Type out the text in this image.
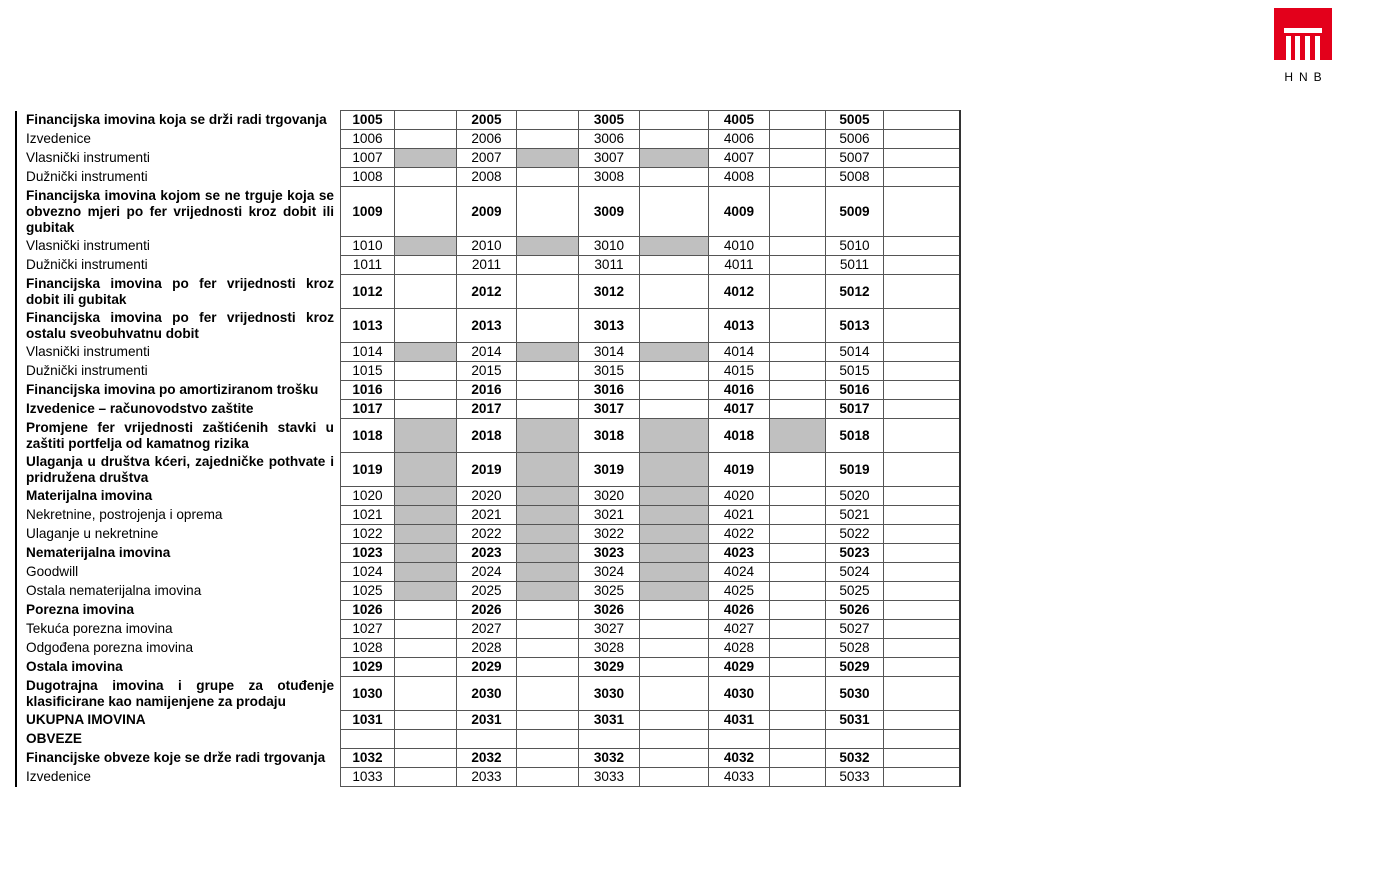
HNB
Financijska imovina koja se drži radi trgovanja	1005		2005		3005		4005		5005	
Izvedenice	1006		2006		3006		4006		5006	
Vlasnički instrumenti	1007		2007		3007		4007		5007	
Dužnički instrumenti	1008		2008		3008		4008		5008	
Financijska imovina kojom se ne trguje koja se obvezno mjeri po fer vrijednosti kroz dobit ili gubitak	1009		2009		3009		4009		5009	
Vlasnički instrumenti	1010		2010		3010		4010		5010	
Dužnički instrumenti	1011		2011		3011		4011		5011	
Financijska imovina po fer vrijednosti kroz dobit ili gubitak	1012		2012		3012		4012		5012	
Financijska imovina po fer vrijednosti kroz ostalu sveobuhvatnu dobit	1013		2013		3013		4013		5013	
Vlasnički instrumenti	1014		2014		3014		4014		5014	
Dužnički instrumenti	1015		2015		3015		4015		5015	
Financijska imovina po amortiziranom trošku	1016		2016		3016		4016		5016	
Izvedenice – računovodstvo zaštite	1017		2017		3017		4017		5017	
Promjene fer vrijednosti zaštićenih stavki u zaštiti portfelja od kamatnog rizika	1018		2018		3018		4018		5018	
Ulaganja u društva kćeri, zajedničke pothvate i pridružena društva	1019		2019		3019		4019		5019	
Materijalna imovina	1020		2020		3020		4020		5020	
Nekretnine, postrojenja i oprema	1021		2021		3021		4021		5021	
Ulaganje u nekretnine	1022		2022		3022		4022		5022	
Nematerijalna imovina	1023		2023		3023		4023		5023	
Goodwill	1024		2024		3024		4024		5024	
Ostala nematerijalna imovina	1025		2025		3025		4025		5025	
Porezna imovina	1026		2026		3026		4026		5026	
Tekuća porezna imovina	1027		2027		3027		4027		5027	
Odgođena porezna imovina	1028		2028		3028		4028		5028	
Ostala imovina	1029		2029		3029		4029		5029	
Dugotrajna imovina i grupe za otuđenje klasificirane kao namijenjene za prodaju	1030		2030		3030		4030		5030	
UKUPNA IMOVINA	1031		2031		3031		4031		5031	
OBVEZE										
Financijske obveze koje se drže radi trgovanja	1032		2032		3032		4032		5032	
Izvedenice	1033		2033		3033		4033		5033	
